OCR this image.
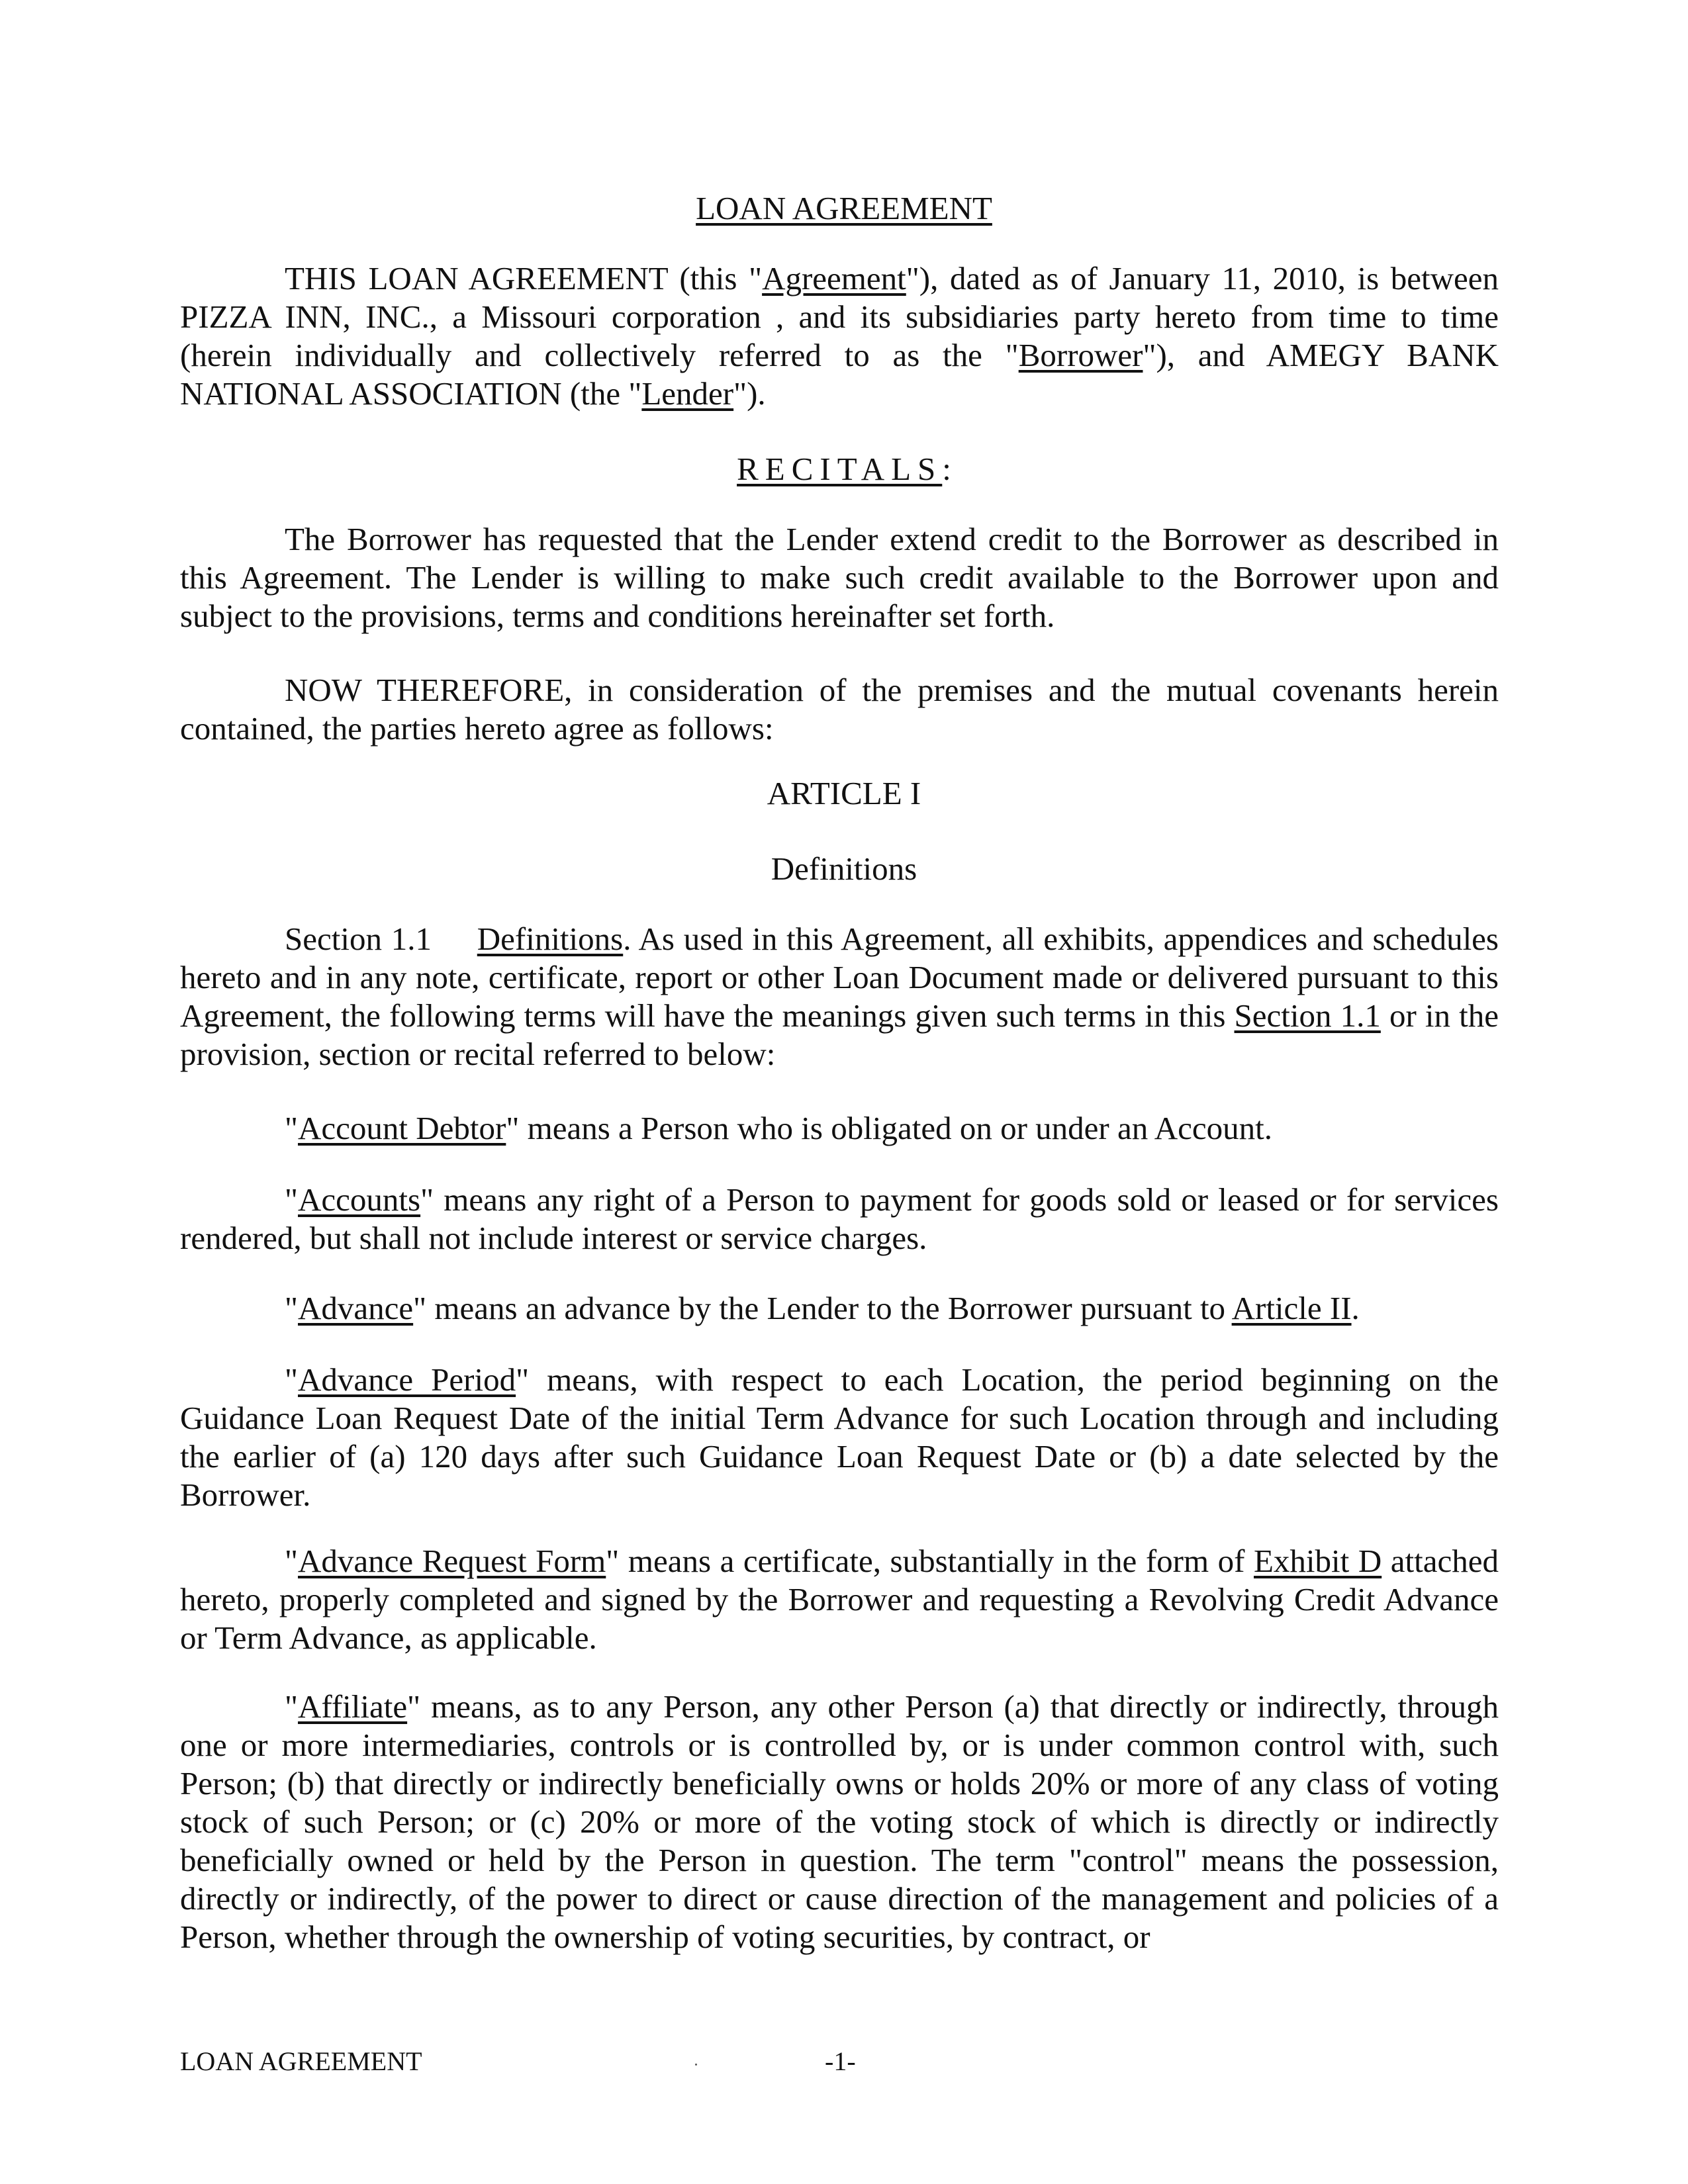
LOAN AGREEMENT

THIS LOAN AGREEMENT (this "Agreement"), dated as of January 11, 2010, is between PIZZA INN, INC., a Missouri corporation , and its subsidiaries party hereto from time to time (herein individually and collectively referred to as the "Borrower"), and AMEGY BANK NATIONAL ASSOCIATION (the "Lender").

RECITALS:

The Borrower has requested that the Lender extend credit to the Borrower as described in this Agreement. The Lender is willing to make such credit available to the Borrower upon and subject to the provisions, terms and conditions hereinafter set forth.

NOW THEREFORE, in consideration of the premises and the mutual covenants herein contained, the parties hereto agree as follows:

ARTICLE I
Definitions

Section 1.1 Definitions. As used in this Agreement, all exhibits, appendices and schedules hereto and in any note, certificate, report or other Loan Document made or delivered pursuant to this Agreement, the following terms will have the meanings given such terms in this Section 1.1 or in the provision, section or recital referred to below:

"Account Debtor" means a Person who is obligated on or under an Account.

"Accounts" means any right of a Person to payment for goods sold or leased or for services rendered, but shall not include interest or service charges.

"Advance" means an advance by the Lender to the Borrower pursuant to Article II.

"Advance Period" means, with respect to each Location, the period beginning on the Guidance Loan Request Date of the initial Term Advance for such Location through and including the earlier of (a) 120 days after such Guidance Loan Request Date or (b) a date selected by the Borrower.

"Advance Request Form" means a certificate, substantially in the form of Exhibit D attached hereto, properly completed and signed by the Borrower and requesting a Revolving Credit Advance or Term Advance, as applicable.

"Affiliate" means, as to any Person, any other Person (a) that directly or indirectly, through one or more intermediaries, controls or is controlled by, or is under common control with, such Person; (b) that directly or indirectly beneficially owns or holds 20% or more of any class of voting stock of such Person; or (c) 20% or more of the voting stock of which is directly or indirectly beneficially owned or held by the Person in question. The term "control" means the possession, directly or indirectly, of the power to direct or cause direction of the management and policies of a Person, whether through the ownership of voting securities, by contract, or

LOAN AGREEMENT	-1-
